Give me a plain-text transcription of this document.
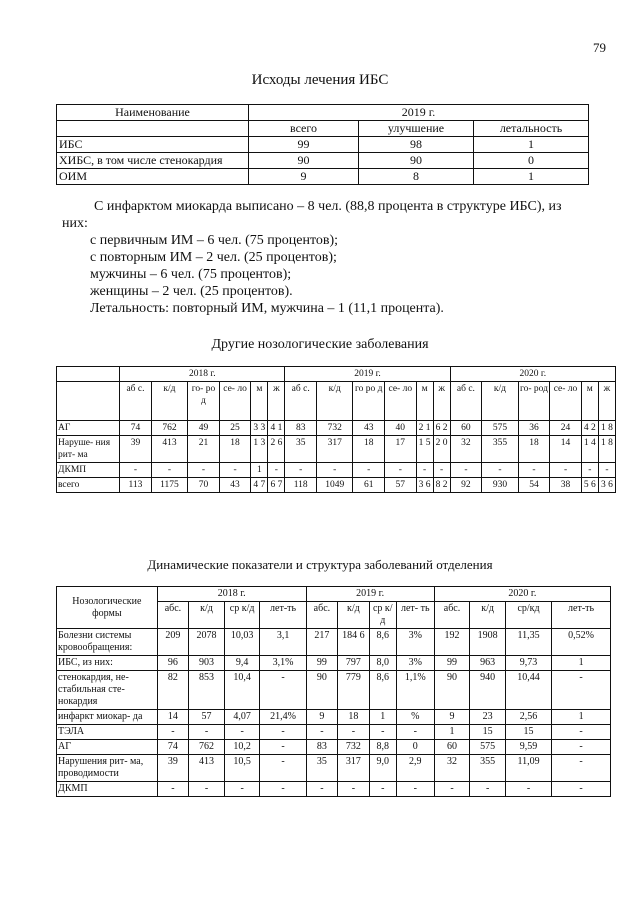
79
Исходы лечения ИБС
Наименование	2019 г.		
	всего	улучшение	летальность
ИБС	99	98	1
ХИБС, в том числе стенокардия	90	90	0
ОИМ	9	8	1
С инфарктом миокарда выписано – 8 чел. (88,8 процента в структуре ИБС), из
них:
с первичным ИМ – 6 чел. (75 процентов);
с повторным ИМ – 2 чел. (25 процентов);
мужчины – 6 чел. (75 процентов);
женщины – 2 чел. (25 процентов).
Летальность: повторный ИМ, мужчина – 1 (11,1 процента).
Другие нозологические заболевания
	2018 г.						2019 г.						2020 г.					
	аб с.	к/д	го- ро д	се- ло	м	ж	аб с.	к/д	го ро д	се- ло	м	ж	аб с.	к/д	го- род	се- ло	м	ж
АГ	74	762	49	25	3 3	4 1	83	732	43	40	2 1	6 2	60	575	36	24	4 2	1 8
Наруше- ния рит- ма	39	413	21	18	1 3	2 6	35	317	18	17	1 5	2 0	32	355	18	14	1 4	1 8
ДКМП	-	-	-	-	1	-	-	-	-	-	-	-	-	-	-	-	-	-
всего	113	1175	70	43	4 7	6 7	118	1049	61	57	3 6	8 2	92	930	54	38	5 6	3 6
Динамические показатели и структура заболеваний отделения
Нозологические формы	2018 г.				2019 г.				2020 г.			
	абс.	к/д	ср к/д	лет-ть	абс.	к/д	ср к/д	лет- ть	абс.	к/д	ср/кд	лет-ть
Болезни системы кровообращения:	209	2078	10,03	3,1	217	184 6	8,6	3%	192	1908	11,35	0,52%
ИБС, из них:	96	903	9,4	3,1%	99	797	8,0	3%	99	963	9,73	1
стенокардия, не- стабильная сте- нокардия	82	853	10,4	-	90	779	8,6	1,1%	90	940	10,44	-
инфаркт миокар- да	14	57	4,07	21,4%	9	18	1	%	9	23	2,56	1
ТЭЛА	-	-	-	-	-	-	-	-	1	15	15	-
АГ	74	762	10,2	-	83	732	8,8	0	60	575	9,59	-
Нарушения рит- ма, проводимости	39	413	10,5	-	35	317	9,0	2,9	32	355	11,09	-
ДКМП	-	-	-	-	-	-	-	-	-	-	-	-
